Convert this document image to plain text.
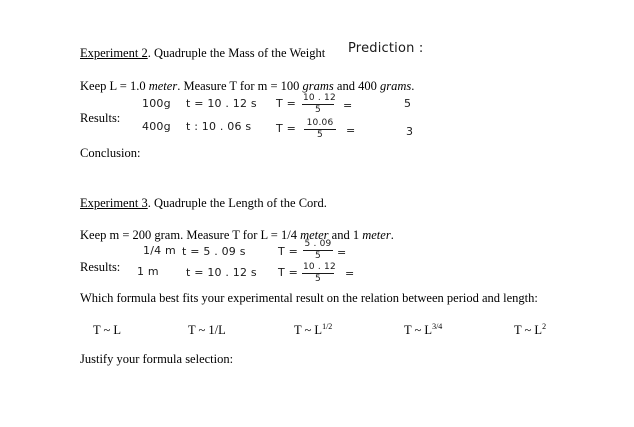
Experiment 2. Quadruple the Mass of the Weight Prediction :
Keep L = 1.0 meter. Measure T for m = 100 grams and 400 grams.
Results:
100g t = 10 . 12 s $T = \frac{10 . 12}{5}$ =	5
400g t : 10 . 06 s $T = \frac{10.06}{5}$ =	3
Conclusion:
Experiment 3. Quadruple the Length of the Cord.
Keep m = 200 gram. Measure T for L = 1/4 meter and 1 meter.
Results:
1/4 m t = 5 . 09 s	$T = \frac{5 . 09}{5}$ =
1 m t = 10 . 12 s $T = \frac{10 . 12}{5}$ =
Which formula best fits your experimental result on the relation between period and length:
T ~ L	T ~ 1/L	T ~ $L^{1/2}$	T ~ $L^{3/4}$	T ~ $L^2$
Justify your formula selection:
